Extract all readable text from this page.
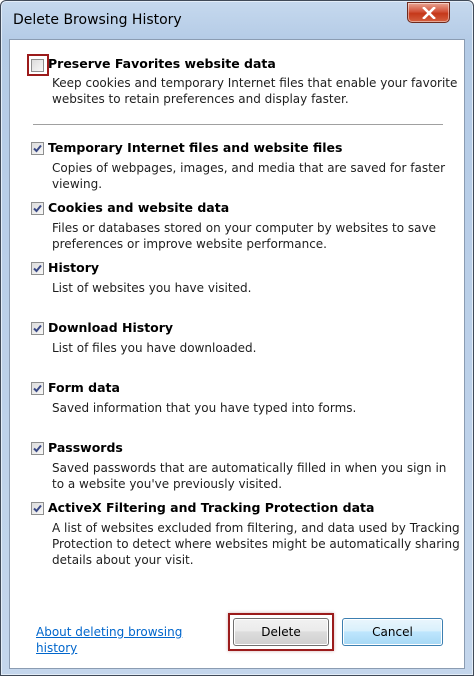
Delete Browsing History
Preserve Favorites website data
Keep cookies and temporary Internet files that enable your favorite websites to retain preferences and display faster.
Temporary Internet files and website files
Copies of webpages, images, and media that are saved for faster viewing.
Cookies and website data
Files or databases stored on your computer by websites to save preferences or improve website performance.
History
List of websites you have visited.
Download History
List of files you have downloaded.
Form data
Saved information that you have typed into forms.
Passwords
Saved passwords that are automatically filled in when you sign in to a website you've previously visited.
ActiveX Filtering and Tracking Protection data
A list of websites excluded from filtering, and data used by Tracking Protection to detect where websites might be automatically sharing details about your visit.
About deleting browsing history
Delete	Cancel
